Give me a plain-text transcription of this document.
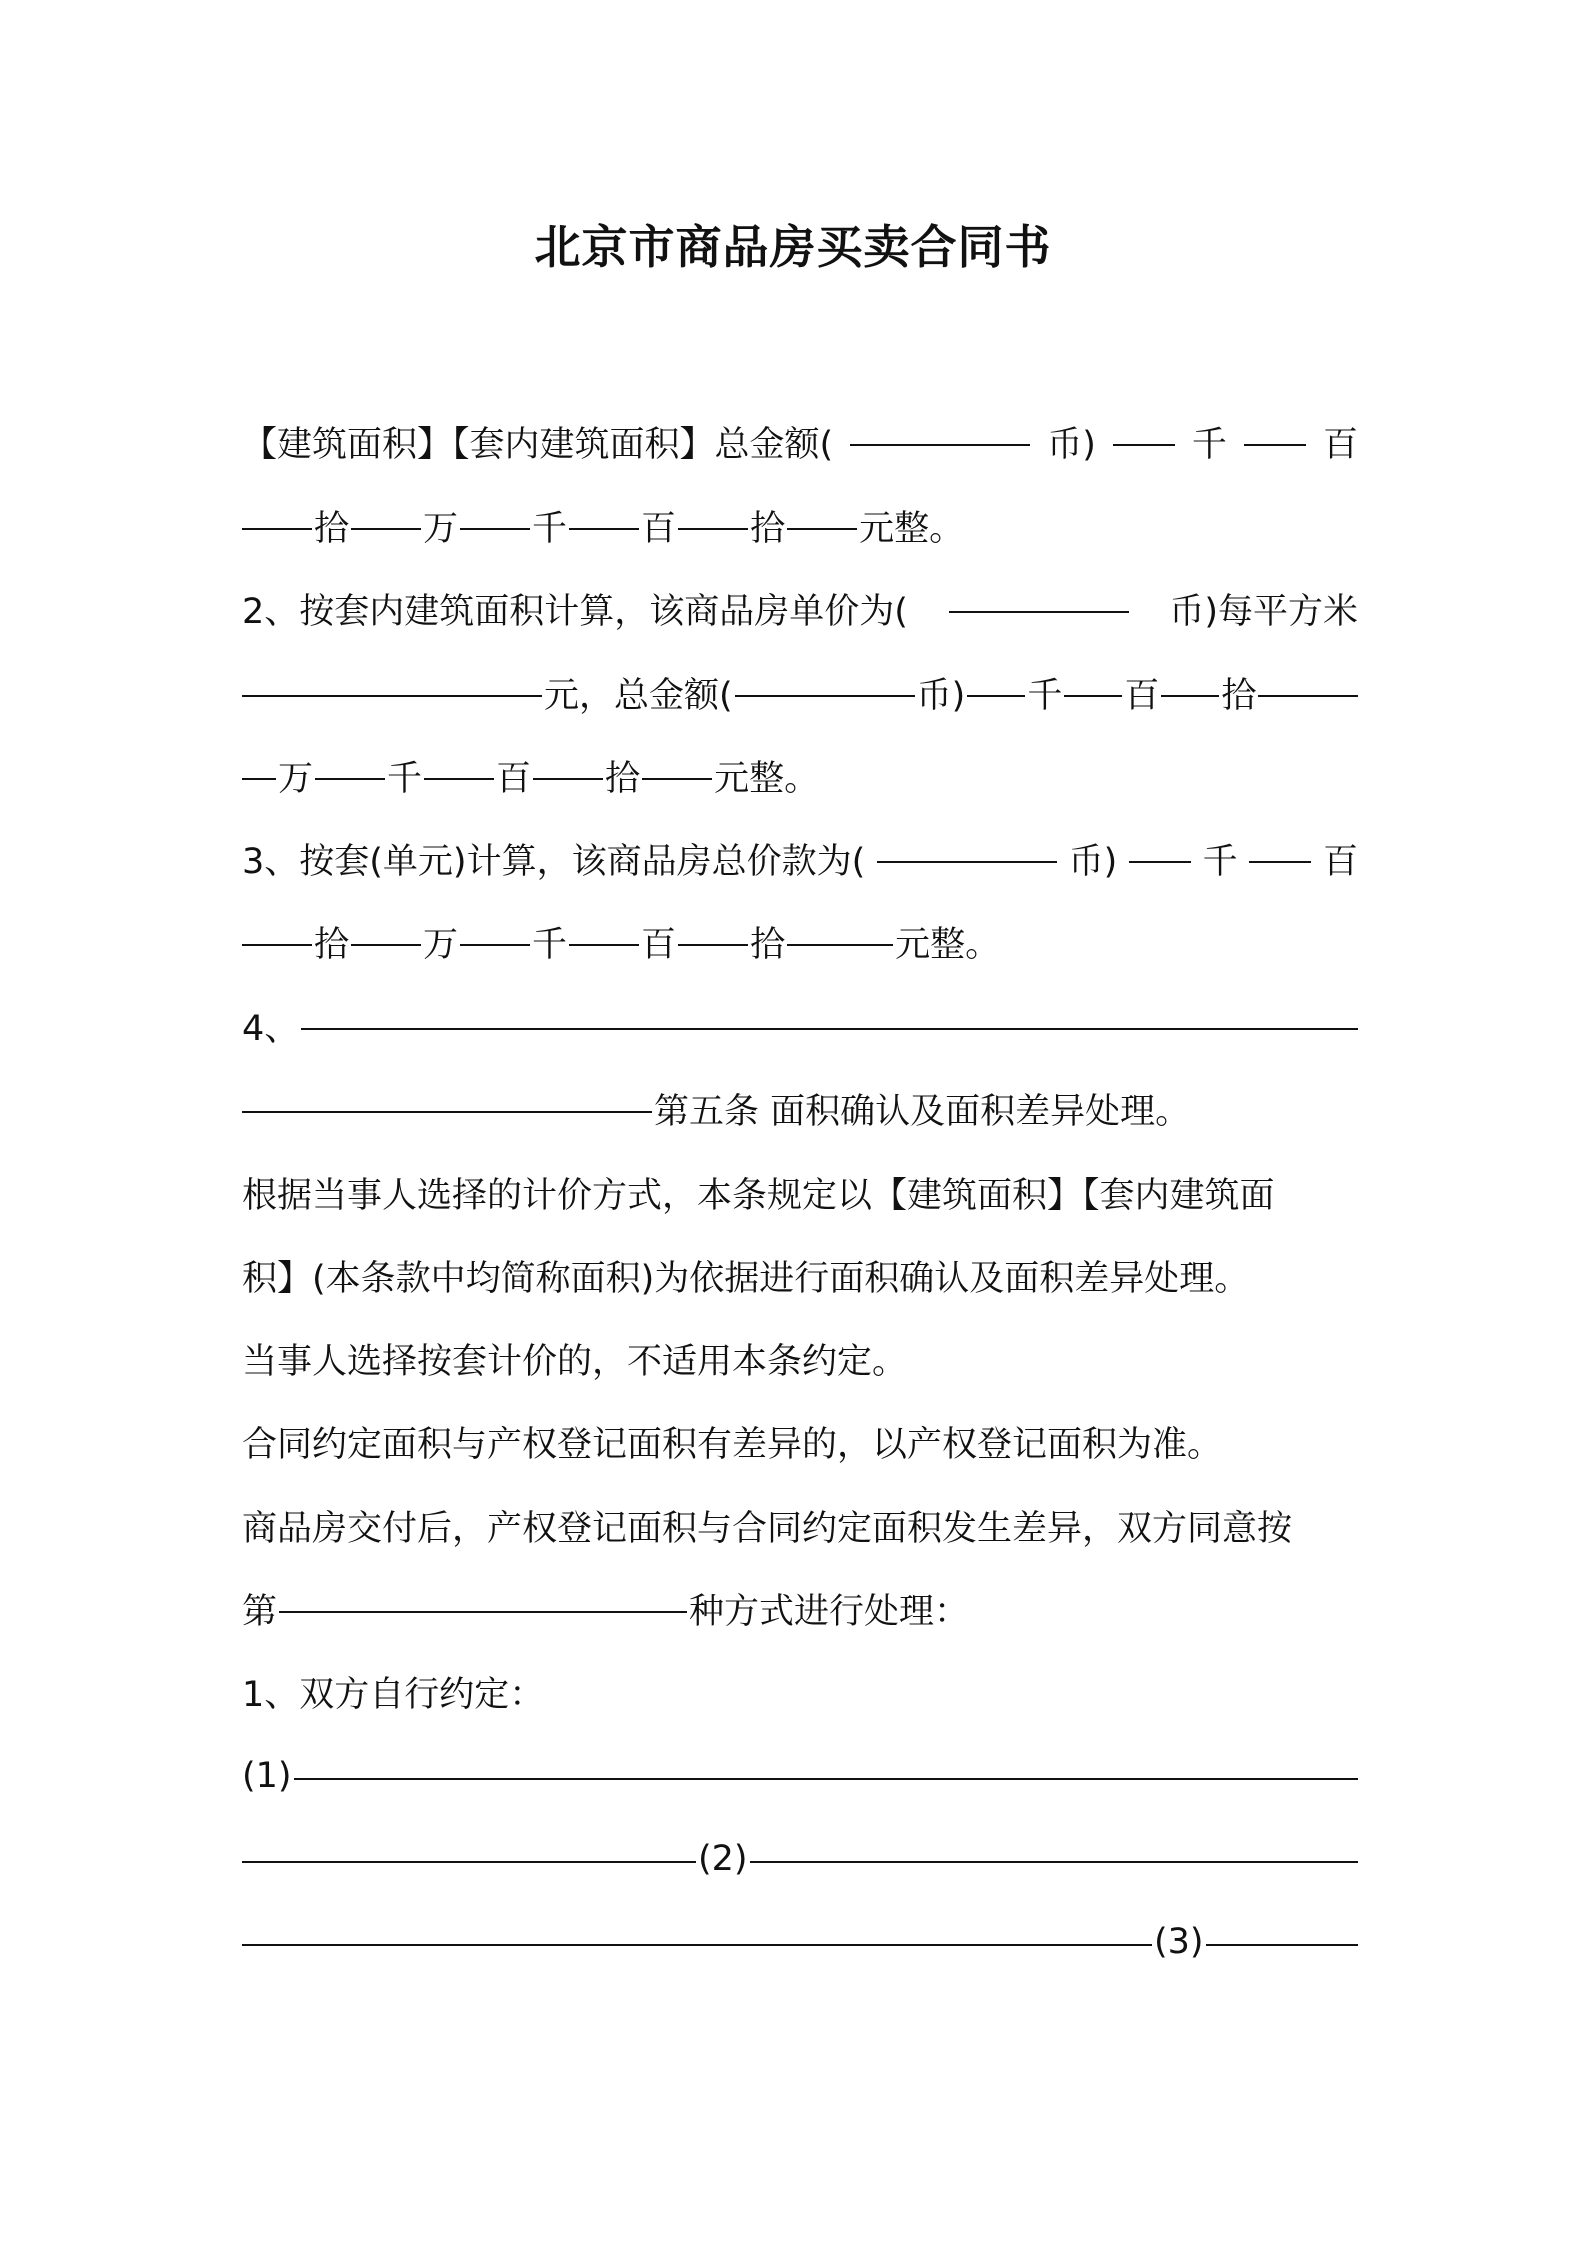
北京市商品房买卖合同书
【建筑面积】【套内建筑面积】总金额(	币)	千	百
拾 万 千 百 拾 元整。
2、按套内建筑面积计算，该商品房单价为(	币)每平方米
元，总金额(	币) 千 百 拾
万 千 百 拾 元整。
3、按套(单元)计算，该商品房总价款为(	币) 千 百
拾 万 千 百 拾	元整。
4、
第五条 面积确认及面积差异处理。
根据当事人选择的计价方式，本条规定以【建筑面积】【套内建筑面
积】(本条款中均简称面积)为依据进行面积确认及面积差异处理。
当事人选择按套计价的，不适用本条约定。
合同约定面积与产权登记面积有差异的，以产权登记面积为准。
商品房交付后，产权登记面积与合同约定面积发生差异，双方同意按
第	种方式进行处理：
1、双方自行约定：
(1)
(2)
(3)
